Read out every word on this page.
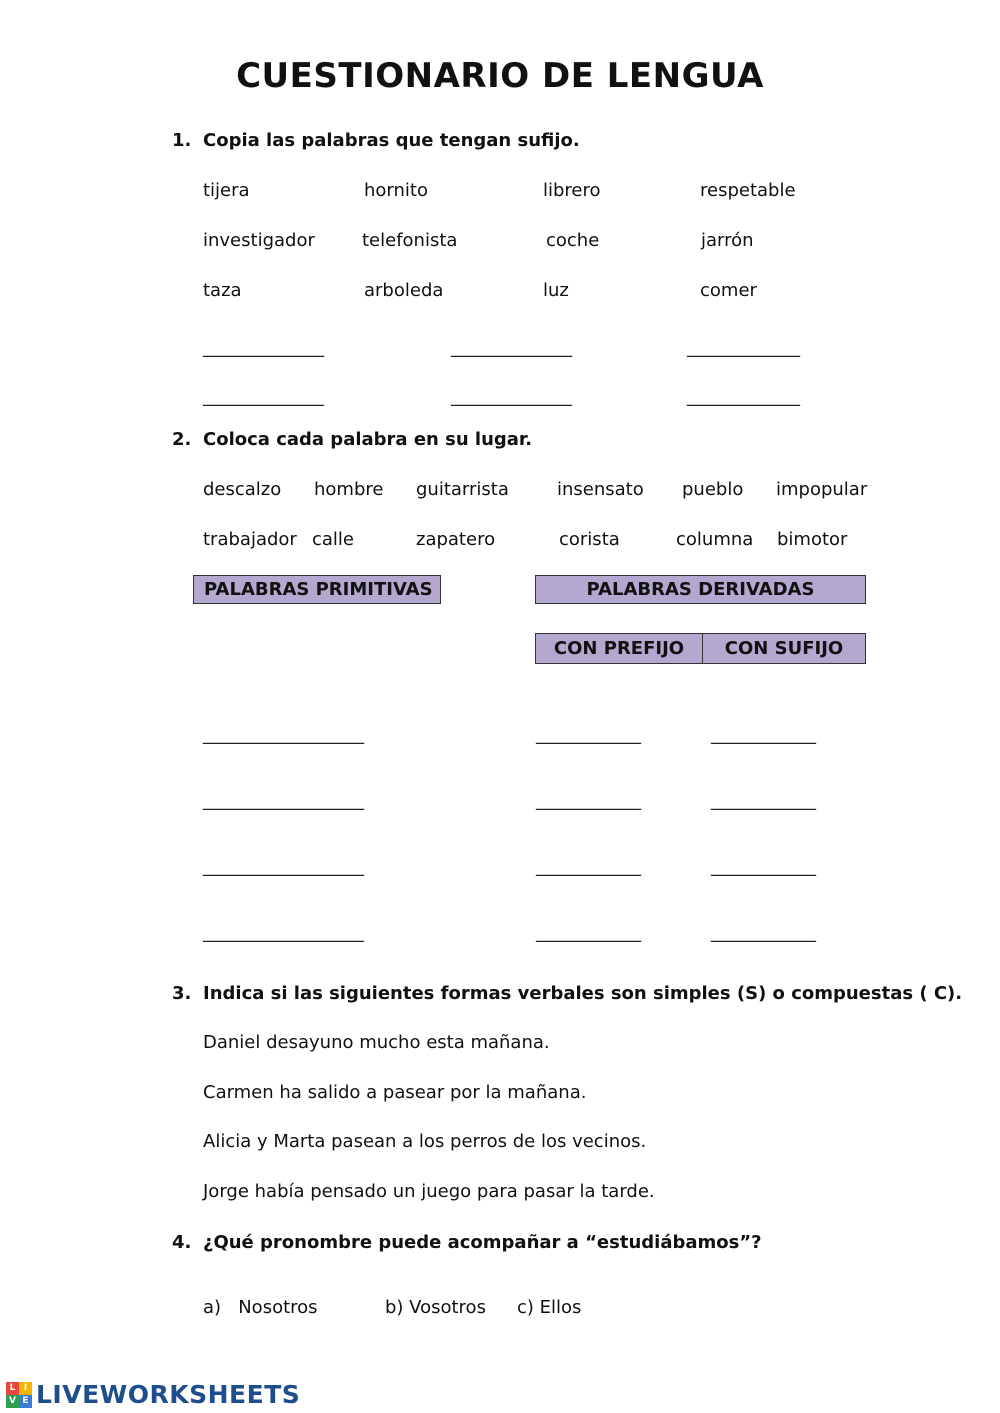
CUESTIONARIO DE LENGUA
1. Copia las palabras que tengan sufijo.
tijera	hornito	librero	respetable
investigador	telefonista	coche	jarrón
taza	arboleda	luz	comer
_______________	_______________	______________
_______________	_______________	______________
2. Coloca cada palabra en su lugar.
descalzo hombre guitarrista	insensato pueblo impopular
trabajador calle	zapatero	corista	columna bimotor
PALABRAS PRIMITIVAS	PALABRAS DERIVADAS
CON PREFIJO	CON SUFIJO
____________________	_____________	_____________
____________________	_____________	_____________
____________________	_____________	_____________
____________________	_____________	_____________
3. Indica si las siguientes formas verbales son simples (S) o compuestas ( C).
Daniel desayuno mucho esta mañana.
Carmen ha salido a pasear por la mañana.
Alicia y Marta pasean a los perros de los vecinos.
Jorge había pensado un juego para pasar la tarde.
4. ¿Qué pronombre puede acompañar a “estudiábamos”?
a)   Nosotros	b) Vosotros c) Ellos
L I
V E LIVEWORKSHEETS
